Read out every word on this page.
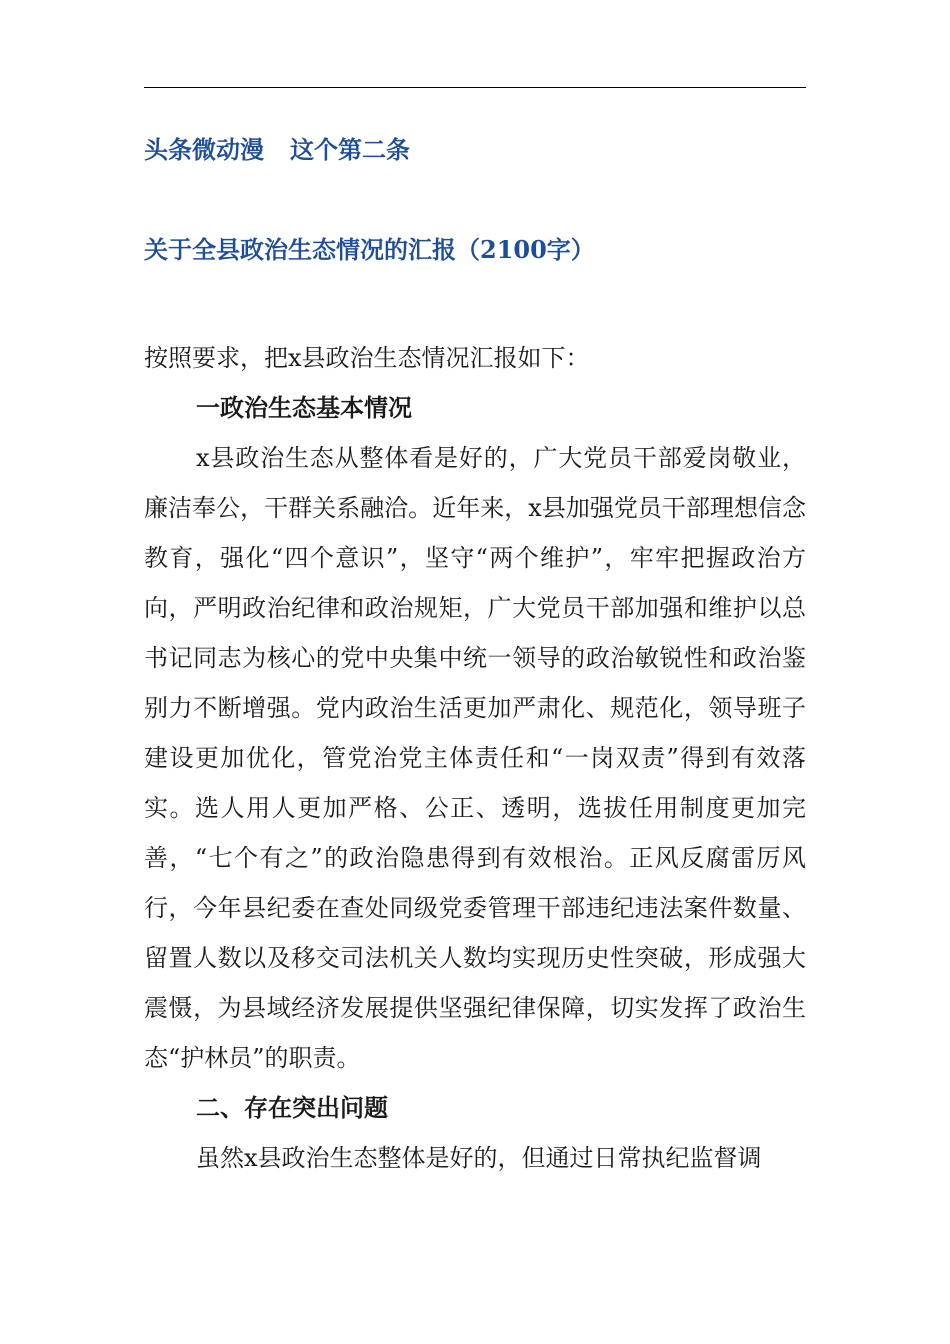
头条微动漫 这个第二条
关于全县政治生态情况的汇报（2100字）

按照要求，把x县政治生态情况汇报如下：

一政治生态基本情况

x县政治生态从整体看是好的，广大党员干部爱岗敬业，廉洁奉公，干群关系融洽。近年来，x县加强党员干部理想信念教育，强化“四个意识”，坚守“两个维护”，牢牢把握政治方向，严明政治纪律和政治规矩，广大党员干部加强和维护以总书记同志为核心的党中央集中统一领导的政治敏锐性和政治鉴别力不断增强。党内政治生活更加严肃化、规范化，领导班子建设更加优化，管党治党主体责任和“一岗双责”得到有效落实。选人用人更加严格、公正、透明，选拔任用制度更加完善，“七个有之”的政治隐患得到有效根治。正风反腐雷厉风行，今年县纪委在查处同级党委管理干部违纪违法案件数量、留置人数以及移交司法机关人数均实现历史性突破，形成强大震慑，为县域经济发展提供坚强纪律保障，切实发挥了政治生态“护林员”的职责。

二、存在突出问题

虽然x县政治生态整体是好的，但通过日常执纪监督调
